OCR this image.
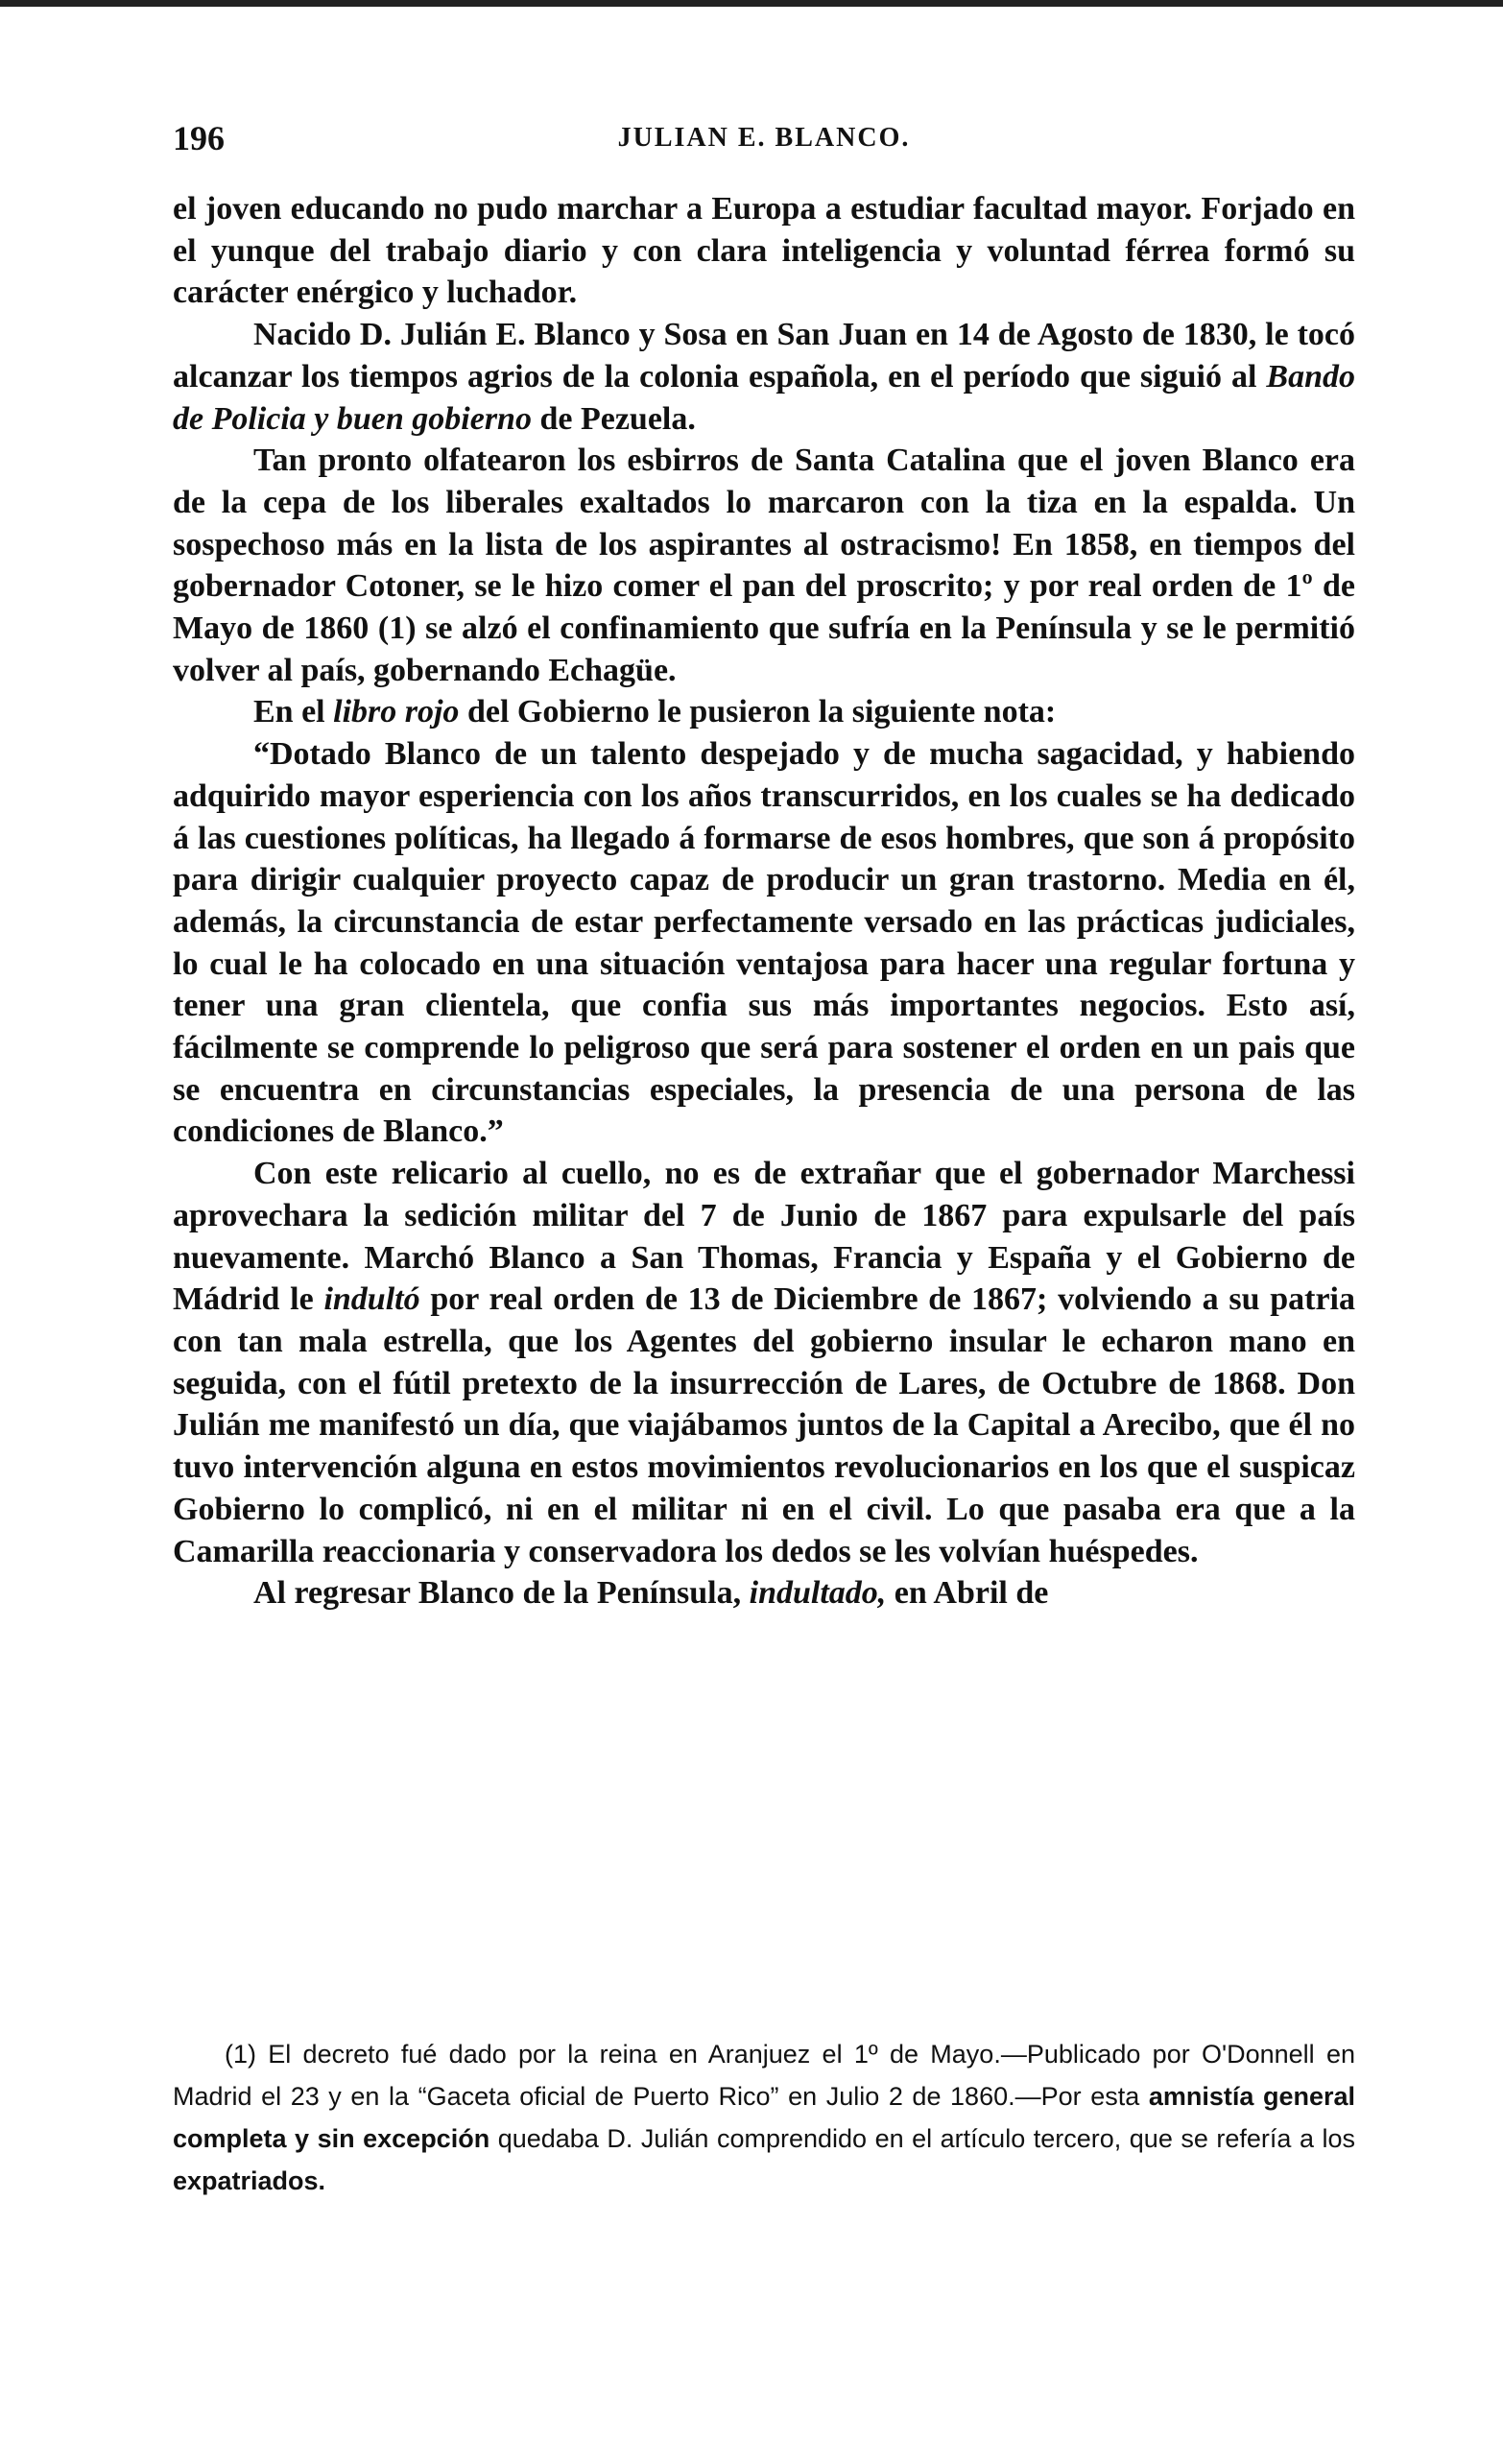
196	JULIAN E. BLANCO.

el joven educando no pudo marchar a Europa a estudiar facultad mayor. Forjado en el yunque del trabajo diario y con clara inteligencia y voluntad férrea formó su carácter enérgico y luchador.

Nacido D. Julián E. Blanco y Sosa en San Juan en 14 de Agosto de 1830, le tocó alcanzar los tiempos agrios de la colonia española, en el período que siguió al Bando de Policia y buen gobierno de Pezuela.

Tan pronto olfatearon los esbirros de Santa Catalina que el joven Blanco era de la cepa de los liberales exaltados lo marcaron con la tiza en la espalda. Un sospechoso más en la lista de los aspirantes al ostracismo! En 1858, en tiempos del gobernador Cotoner, se le hizo comer el pan del proscrito; y por real orden de 1º de Mayo de 1860 (1) se alzó el confinamiento que sufría en la Península y se le permitió volver al país, gobernando Echagüe.

En el libro rojo del Gobierno le pusieron la siguiente nota:

“Dotado Blanco de un talento despejado y de mucha sagacidad, y habiendo adquirido mayor esperiencia con los años transcurridos, en los cuales se ha dedicado á las cuestiones políticas, ha llegado á formarse de esos hombres, que son á propósito para dirigir cualquier proyecto capaz de producir un gran trastorno. Media en él, además, la circunstancia de estar perfectamente versado en las prácticas judiciales, lo cual le ha colocado en una situación ventajosa para hacer una regular fortuna y tener una gran clientela, que confia sus más importantes negocios. Esto así, fácilmente se comprende lo peligroso que será para sostener el orden en un pais que se encuentra en circunstancias especiales, la presencia de una persona de las condiciones de Blanco.”

Con este relicario al cuello, no es de extrañar que el gobernador Marchessi aprovechara la sedición militar del 7 de Junio de 1867 para expulsarle del país nuevamente. Marchó Blanco a San Thomas, Francia y España y el Gobierno de Mádrid le indultó por real orden de 13 de Diciembre de 1867; volviendo a su patria con tan mala estrella, que los Agentes del gobierno insular le echaron mano en seguida, con el fútil pretexto de la insurrección de Lares, de Octubre de 1868. Don Julián me manifestó un día, que viajábamos juntos de la Capital a Arecibo, que él no tuvo intervención alguna en estos movimientos revolucionarios en los que el suspicaz Gobierno lo complicó, ni en el militar ni en el civil. Lo que pasaba era que a la Camarilla reaccionaria y conservadora los dedos se les volvían huéspedes.

Al regresar Blanco de la Península, indultado, en Abril de

(1) El decreto fué dado por la reina en Aranjuez el 1º de Mayo.—Publicado por O'Donnell en Madrid el 23 y en la “Gaceta oficial de Puerto Rico” en Julio 2 de 1860.—Por esta amnistía general completa y sin excepción quedaba D. Julián comprendido en el artículo tercero, que se refería a los expatriados.
